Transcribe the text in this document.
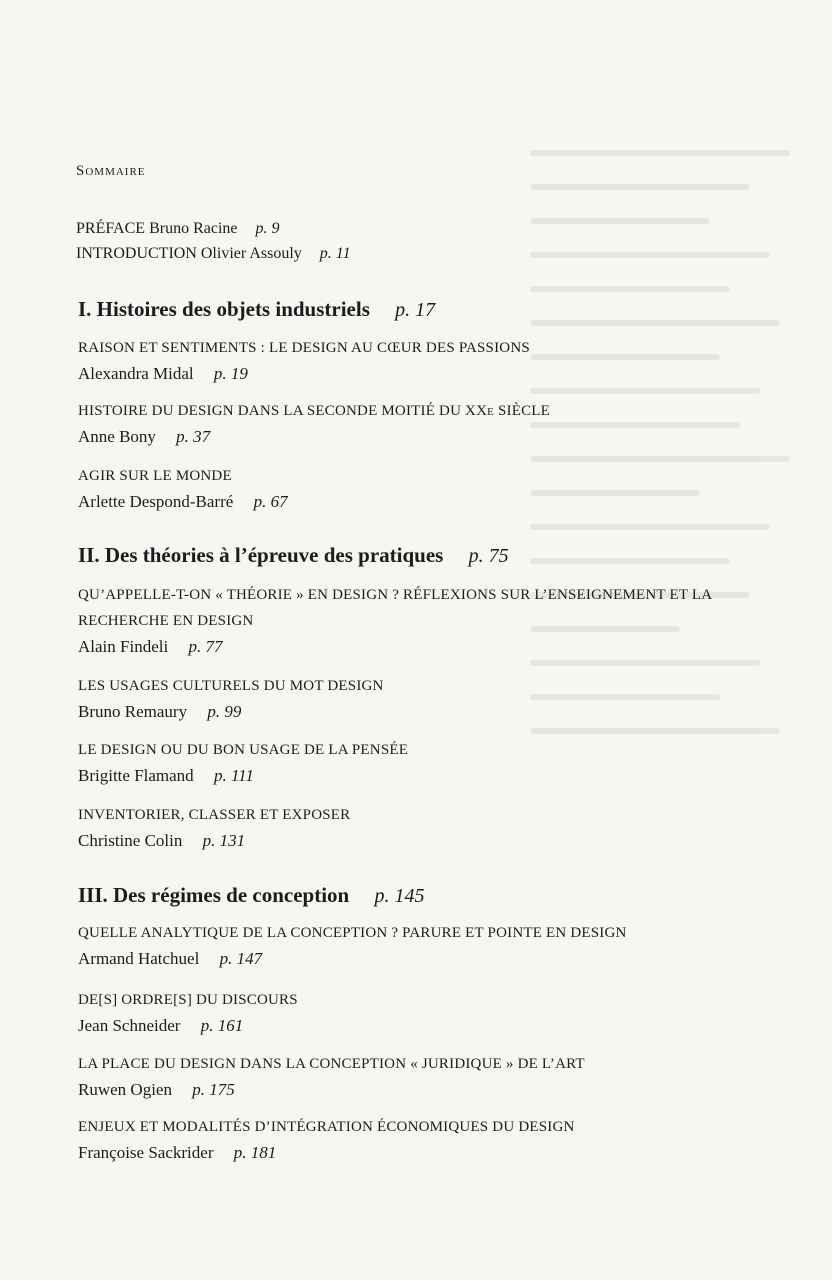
Sommaire
PRÉFACE Bruno Racine p. 9
INTRODUCTION Olivier Assouly p. 11
I. Histoires des objets industriels p. 17
RAISON ET SENTIMENTS : LE DESIGN AU CŒUR DES PASSIONS
Alexandra Midal p. 19
HISTOIRE DU DESIGN DANS LA SECONDE MOITIÉ DU XXe SIÈCLE
Anne Bony p. 37
AGIR SUR LE MONDE
Arlette Despond-Barré p. 67
II. Des théories à l’épreuve des pratiques p. 75
QU’APPELLE-T-ON « THÉORIE » EN DESIGN ? RÉFLEXIONS SUR L’ENSEIGNEMENT ET LA RECHERCHE EN DESIGN
Alain Findeli p. 77
LES USAGES CULTURELS DU MOT DESIGN
Bruno Remaury p. 99
LE DESIGN OU DU BON USAGE DE LA PENSÉE
Brigitte Flamand p. 111
INVENTORIER, CLASSER ET EXPOSER
Christine Colin p. 131
III. Des régimes de conception p. 145
QUELLE ANALYTIQUE DE LA CONCEPTION ? PARURE ET POINTE EN DESIGN
Armand Hatchuel p. 147
DE[S] ORDRE[S] DU DISCOURS
Jean Schneider p. 161
LA PLACE DU DESIGN DANS LA CONCEPTION « JURIDIQUE » DE L’ART
Ruwen Ogien p. 175
ENJEUX ET MODALITÉS D’INTÉGRATION ÉCONOMIQUES DU DESIGN
Françoise Sackrider p. 181
